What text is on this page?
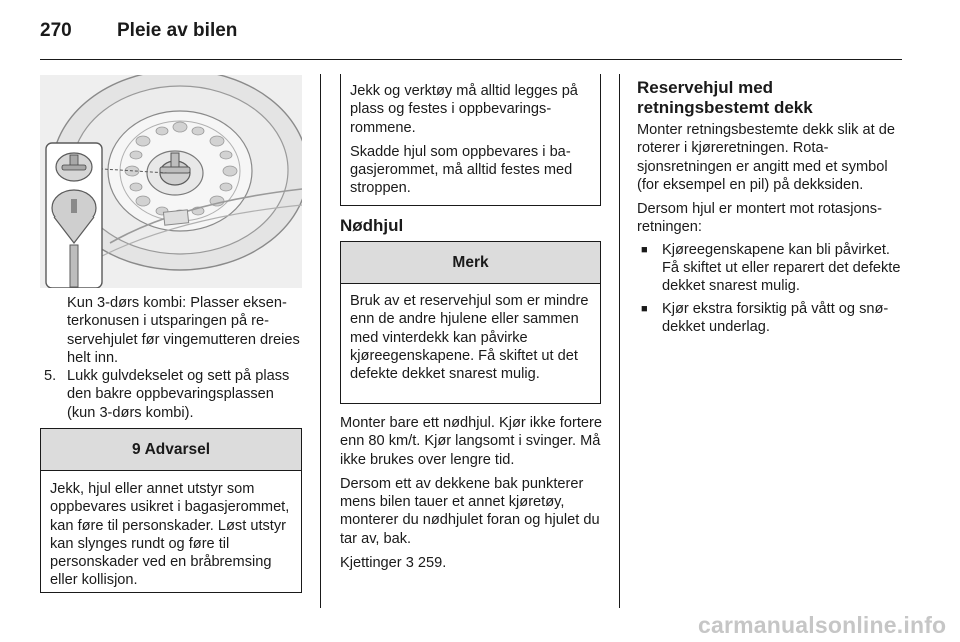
270 Pleie av bilen
Kun 3-dørs kombi: Plasser eksenterkonusen i utsparingen på reservehjulet før vingemutteren dreies helt inn.
5. Lukk gulvdekselet og sett på plass den bakre oppbevaringsplassen (kun 3-dørs kombi).
9 Advarsel
Jekk, hjul eller annet utstyr som oppbevares usikret i bagasjerommet, kan føre til personskader. Løst utstyr kan slynges rundt og føre til personskader ved en bråbremsing eller kollisjon.
Jekk og verktøy må alltid legges på plass og festes i oppbevaringsrommene.
Skadde hjul som oppbevares i bagasjerommet, må alltid festes med stroppen.
Nødhjul
Merk
Bruk av et reservehjul som er mindre enn de andre hjulene eller sammen med vinterdekk kan påvirke kjøreegenskapene. Få skiftet ut det defekte dekket snarest mulig.
Monter bare ett nødhjul. Kjør ikke fortere enn 80 km/t. Kjør langsomt i svinger. Må ikke brukes over lengre tid.
Dersom ett av dekkene bak punkterer mens bilen tauer et annet kjøretøy, monterer du nødhjulet foran og hjulet du tar av, bak.
Kjettinger 3 259.
Reservehjul med retningsbestemt dekk
Monter retningsbestemte dekk slik at de roterer i kjøreretningen. Rotasjonsretningen er angitt med et symbol (for eksempel en pil) på dekksiden.
Dersom hjul er montert mot rotasjonsretningen:
■ Kjøreegenskapene kan bli påvirket. Få skiftet ut eller reparert det defekte dekket snarest mulig.
■ Kjør ekstra forsiktig på vått og snødekket underlag.
carmanualsonline.info
